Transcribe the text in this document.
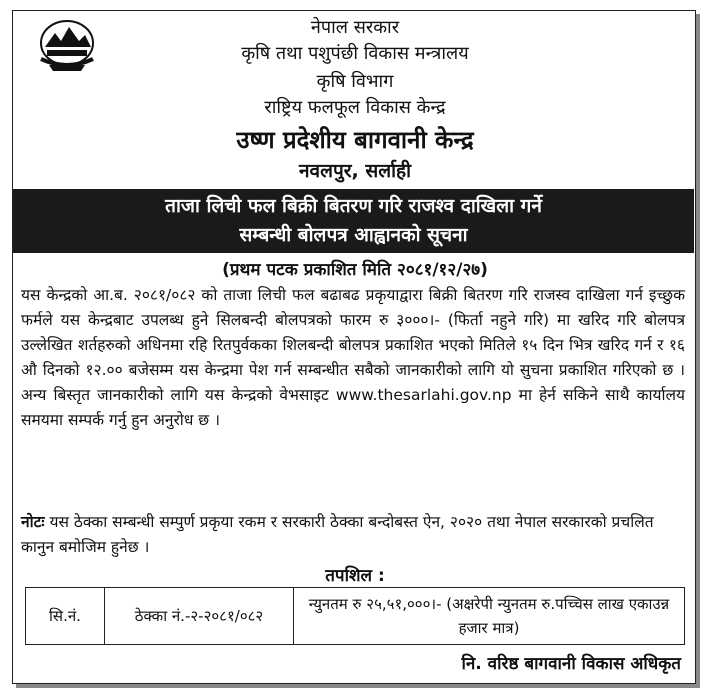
नेपाल सरकार
कृषि तथा पशुपंछी विकास मन्त्रालय
कृषि विभाग
राष्ट्रिय फलफूल विकास केन्द्र
उष्ण प्रदेशीय बागवानी केन्द्र
नवलपुर, सर्लाही
ताजा लिची फल बिक्री बितरण गरि राजश्व दाखिला गर्ने
सम्बन्धी बोलपत्र आह्वानको सूचना
(प्रथम पटक प्रकाशित मिति २०८१/१२/२७)
यस केन्द्रको आ.ब. २०८१/०८२ को ताजा लिची फल बढाबढ प्रकृयाद्वारा बिक्री बितरण गरि राजस्व दाखिला गर्न इच्छुक फर्मले यस केन्द्रबाट उपलब्ध हुने सिलबन्दी बोलपत्रको फारम रु ३०००।- (फिर्ता नहुने गरि) मा खरिद गरि बोलपत्र उल्लेखित शर्तहरुको अधिनमा रहि रितपुर्वकका शिलबन्दी बोलपत्र प्रकाशित भएको मितिले १५ दिन भित्र खरिद गर्न र १६ औ दिनको १२.०० बजेसम्म यस केन्द्रमा पेश गर्न सम्बन्धीत सबैको जानकारीको लागि यो सुचना प्रकाशित गरिएको छ । अन्य बिस्तृत जानकारीको लागि यस केन्द्रको वेभसाइट www.thesarlahi.gov.np मा हेर्न सकिने साथै कार्यालय समयमा सम्पर्क गर्नु हुन अनुरोध छ ।
नोटः यस ठेक्का सम्बन्धी सम्पुर्ण प्रकृया रकम र सरकारी ठेक्का बन्दोबस्त ऐन, २०२० तथा नेपाल सरकारको प्रचलित कानुन बमोजिम हुनेछ ।
तपशिल :
सि.नं.	ठेक्का नं.-२-२०८१/०८२	न्युनतम रु २५,५१,०००।- (अक्षरेपी न्युनतम रु.पच्चिस लाख एकाउन्न हजार मात्र)
नि. वरिष्ठ बागवानी विकास अधिकृत
